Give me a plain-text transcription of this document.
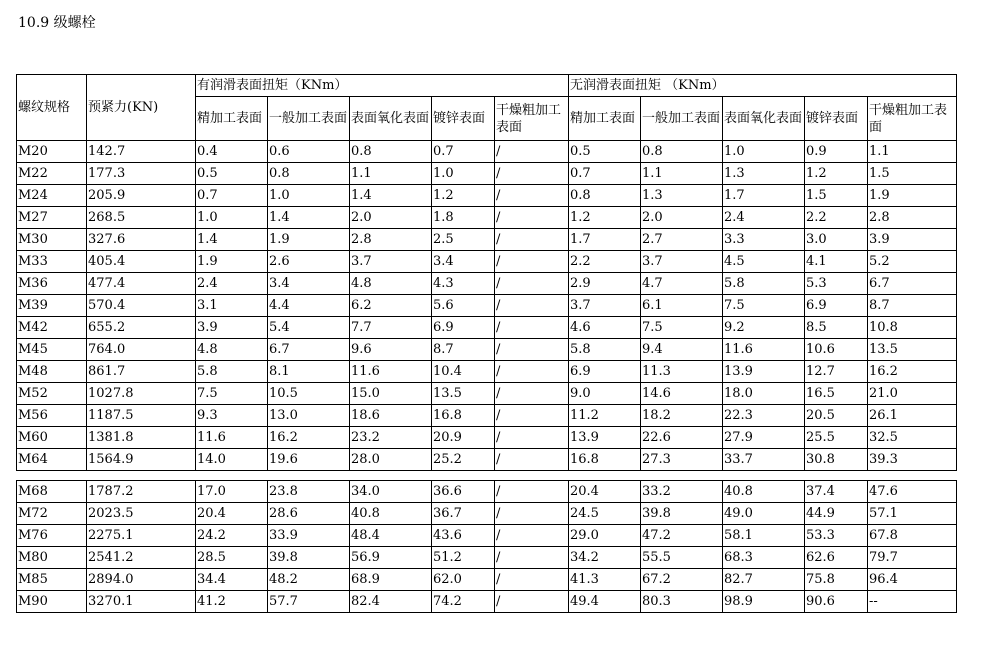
10.9 级螺栓
螺纹规格	预紧力(KN)	有润滑表面扭矩（KNm）					无润滑表面扭矩 （KNm）				
		精加工表面	一般加工表面	表面氧化表面	镀锌表面	干燥粗加工表面	精加工表面	一般加工表面	表面氧化表面	镀锌表面	干燥粗加工表面
M20	142.7	0.4	0.6	0.8	0.7	/	0.5	0.8	1.0	0.9	1.1
M22	177.3	0.5	0.8	1.1	1.0	/	0.7	1.1	1.3	1.2	1.5
M24	205.9	0.7	1.0	1.4	1.2	/	0.8	1.3	1.7	1.5	1.9
M27	268.5	1.0	1.4	2.0	1.8	/	1.2	2.0	2.4	2.2	2.8
M30	327.6	1.4	1.9	2.8	2.5	/	1.7	2.7	3.3	3.0	3.9
M33	405.4	1.9	2.6	3.7	3.4	/	2.2	3.7	4.5	4.1	5.2
M36	477.4	2.4	3.4	4.8	4.3	/	2.9	4.7	5.8	5.3	6.7
M39	570.4	3.1	4.4	6.2	5.6	/	3.7	6.1	7.5	6.9	8.7
M42	655.2	3.9	5.4	7.7	6.9	/	4.6	7.5	9.2	8.5	10.8
M45	764.0	4.8	6.7	9.6	8.7	/	5.8	9.4	11.6	10.6	13.5
M48	861.7	5.8	8.1	11.6	10.4	/	6.9	11.3	13.9	12.7	16.2
M52	1027.8	7.5	10.5	15.0	13.5	/	9.0	14.6	18.0	16.5	21.0
M56	1187.5	9.3	13.0	18.6	16.8	/	11.2	18.2	22.3	20.5	26.1
M60	1381.8	11.6	16.2	23.2	20.9	/	13.9	22.6	27.9	25.5	32.5
M64	1564.9	14.0	19.6	28.0	25.2	/	16.8	27.3	33.7	30.8	39.3

M68	1787.2	17.0	23.8	34.0	36.6	/	20.4	33.2	40.8	37.4	47.6
M72	2023.5	20.4	28.6	40.8	36.7	/	24.5	39.8	49.0	44.9	57.1
M76	2275.1	24.2	33.9	48.4	43.6	/	29.0	47.2	58.1	53.3	67.8
M80	2541.2	28.5	39.8	56.9	51.2	/	34.2	55.5	68.3	62.6	79.7
M85	2894.0	34.4	48.2	68.9	62.0	/	41.3	67.2	82.7	75.8	96.4
M90	3270.1	41.2	57.7	82.4	74.2	/	49.4	80.3	98.9	90.6	--
